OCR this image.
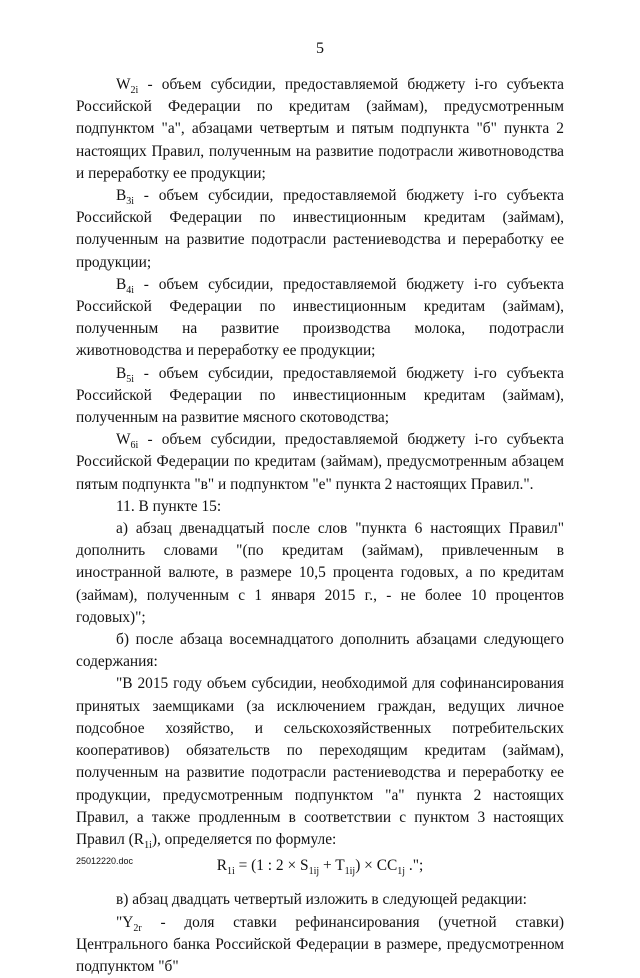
5

$W_{2i}$ - объем субсидии, предоставляемой бюджету i-го субъекта Российской Федерации по кредитам (займам), предусмотренным подпунктом "а", абзацами четвертым и пятым подпункта "б" пункта 2 настоящих Правил, полученным на развитие подотрасли животноводства и переработку ее продукции;

$B_{3i}$ - объем субсидии, предоставляемой бюджету i-го субъекта Российской Федерации по инвестиционным кредитам (займам), полученным на развитие подотрасли растениеводства и переработку ее продукции;

$B_{4i}$ - объем субсидии, предоставляемой бюджету i-го субъекта Российской Федерации по инвестиционным кредитам (займам), полученным на развитие производства молока, подотрасли животноводства и переработку ее продукции;

$B_{5i}$ - объем субсидии, предоставляемой бюджету i-го субъекта Российской Федерации по инвестиционным кредитам (займам), полученным на развитие мясного скотоводства;

$W_{6i}$ - объем субсидии, предоставляемой бюджету i-го субъекта Российской Федерации по кредитам (займам), предусмотренным абзацем пятым подпункта "в" и подпунктом "е" пункта 2 настоящих Правил.".

11. В пункте 15:

а) абзац двенадцатый после слов "пункта 6 настоящих Правил" дополнить словами "(по кредитам (займам), привлеченным в иностранной валюте, в размере 10,5 процента годовых, а по кредитам (займам), полученным с 1 января 2015 г., - не более 10 процентов годовых)";

б) после абзаца восемнадцатого дополнить абзацами следующего содержания:

"В 2015 году объем субсидии, необходимой для софинансирования принятых заемщиками (за исключением граждан, ведущих личное подсобное хозяйство, и сельскохозяйственных потребительских кооперативов) обязательств по переходящим кредитам (займам), полученным на развитие подотрасли растениеводства и переработку ее продукции, предусмотренным подпунктом "а" пункта 2 настоящих Правил, а также продленным в соответствии с пунктом 3 настоящих Правил $(R_{1i})$, определяется по формуле:

$R_{1i} = (1$ : $2 \times S_{1ij} + T_{1ij}) \times CC_{1j}$ .";

в) абзац двадцать четвертый изложить в следующей редакции:

"$Y_{2r}$ - доля ставки рефинансирования (учетной ставки) Центрального банка Российской Федерации в размере, предусмотренном подпунктом "б"

25012220.doc
